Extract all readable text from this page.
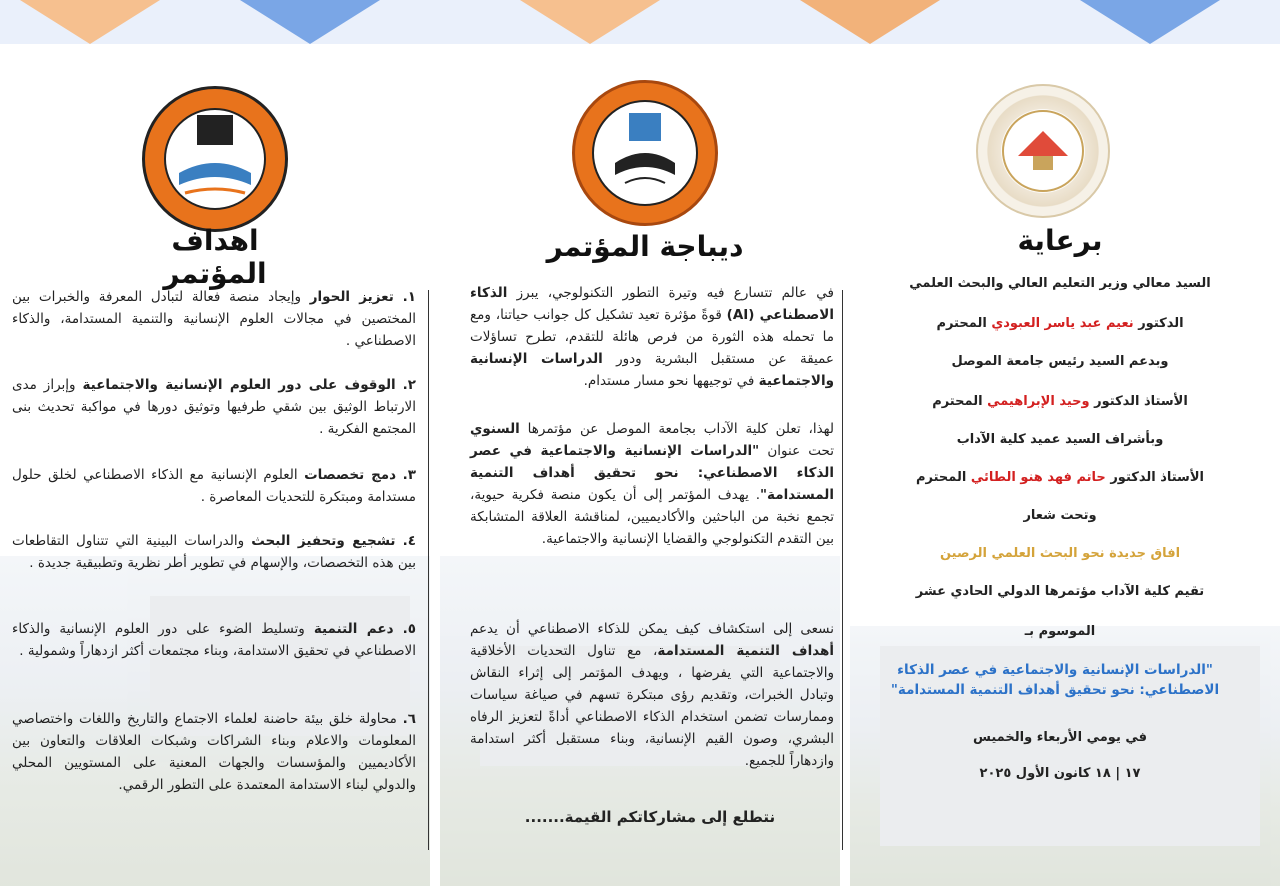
برعاية
السيد معالي وزير التعليم العالي والبحث العلمي
الدكتور نعيم عبد ياسر العبودي المحترم
وبدعم السيد رئيس جامعة الموصل
الأستاذ الدكتور وحيد الإبراهيمي المحترم
وبأشراف السيد عميد كلية الآداب
الأستاذ الدكتور حاتم فهد هنو الطائي المحترم
وتحت شعار
افاق جديدة نحو البحث العلمي الرصين
تقيم كلية الآداب مؤتمرها الدولي الحادي عشر
الموسوم بـ
"الدراسات الإنسانية والاجتماعية في عصر الذكاء الاصطناعي: نحو تحقيق أهداف التنمية المستدامة"
في يومي الأربعاء والخميس
١٧ | ١٨ كانون الأول ٢٠٢٥
ديباجة المؤتمر
في عالم تتسارع فيه وتيرة التطور التكنولوجي، يبرز الذكاء الاصطناعي (AI) قوةً مؤثرة تعيد تشكيل كل جوانب حياتنا، ومع ما تحمله هذه الثورة من فرص هائلة للتقدم، تطرح تساؤلات عميقة عن مستقبل البشرية ودور الدراسات الإنسانية والاجتماعية في توجيهها نحو مسار مستدام.
لهذا، تعلن كلية الآداب بجامعة الموصل عن مؤتمرها السنوي تحت عنوان "الدراسات الإنسانية والاجتماعية في عصر الذكاء الاصطناعي: نحو تحقيق أهداف التنمية المستدامة". يهدف المؤتمر إلى أن يكون منصة فكرية حيوية، تجمع نخبة من الباحثين والأكاديميين، لمناقشة العلاقة المتشابكة بين التقدم التكنولوجي والقضايا الإنسانية والاجتماعية.
نسعى إلى استكشاف كيف يمكن للذكاء الاصطناعي أن يدعم أهداف التنمية المستدامة، مع تناول التحديات الأخلاقية والاجتماعية التي يفرضها ، ويهدف المؤتمر إلى إثراء النقاش وتبادل الخبرات، وتقديم رؤى مبتكرة تسهم في صياغة سياسات وممارسات تضمن استخدام الذكاء الاصطناعي أداةً لتعزيز الرفاه البشري، وصون القيم الإنسانية، وبناء مستقبل أكثر استدامة وازدهاراً للجميع.
نتطلع إلى مشاركاتكم القيمة.......
اهداف المؤتمر
١. تعزيز الحوار وإيجاد منصة فعالة لتبادل المعرفة والخبرات بين المختصين في مجالات العلوم الإنسانية والتنمية المستدامة، والذكاء الاصطناعي .
٢. الوقوف على دور العلوم الإنسانية والاجتماعية وإبراز مدى الارتباط الوثيق بين شقي طرفيها وتوثيق دورها في مواكبة تحديث بنى المجتمع الفكرية .
٣. دمج تخصصات العلوم الإنسانية مع الذكاء الاصطناعي لخلق حلول مستدامة ومبتكرة للتحديات المعاصرة .
٤. تشجيع وتحفيز البحث والدراسات البينية التي تتناول التقاطعات بين هذه التخصصات، والإسهام في تطوير أطر نظرية وتطبيقية جديدة .
٥. دعم التنمية وتسليط الضوء على دور العلوم الإنسانية والذكاء الاصطناعي في تحقيق الاستدامة، وبناء مجتمعات أكثر ازدهاراً وشمولية .
٦. محاولة خلق بيئة حاضنة لعلماء الاجتماع والتاريخ واللغات واختصاصي المعلومات والاعلام وبناء الشراكات وشبكات العلاقات والتعاون بين الأكاديميين والمؤسسات والجهات المعنية على المستويين المحلي والدولي لبناء الاستدامة المعتمدة على التطور الرقمي.
